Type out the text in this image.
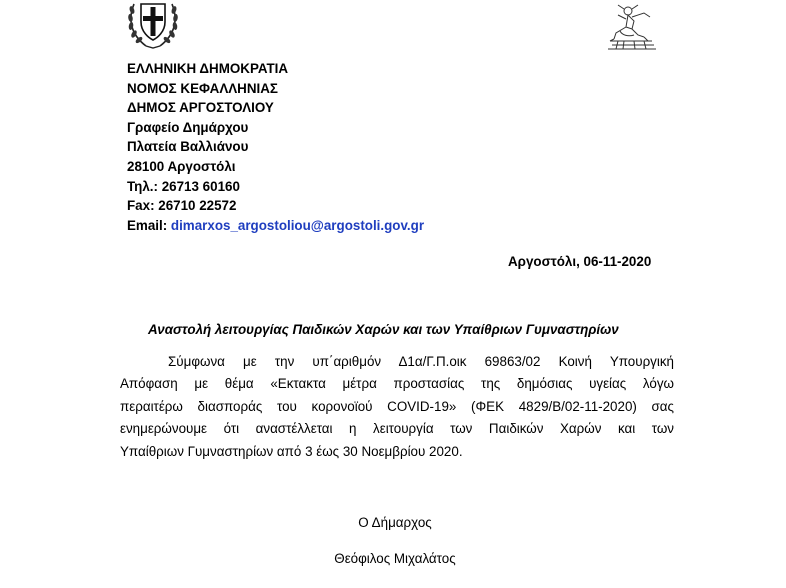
ΕΛΛΗΝΙΚΗ ΔΗΜΟΚΡΑΤΙΑ
ΝΟΜΟΣ ΚΕΦΑΛΛΗΝΙΑΣ
ΔΗΜΟΣ ΑΡΓΟΣΤΟΛΙΟΥ
Γραφείο Δημάρχου
Πλατεία Βαλλιάνου
28100 Αργοστόλι
Τηλ.: 26713 60160
Fax: 26710 22572
Email: dimarxos_argostoliou@argostoli.gov.gr
Αργοστόλι, 06-11-2020
Αναστολή λειτουργίας Παιδικών Χαρών και των Υπαίθριων Γυμναστηρίων
Σύμφωνα με την υπ΄αριθμόν Δ1α/Γ.Π.οικ 69863/02 Κοινή Υπουργική
Απόφαση με θέμα «Εκτακτα μέτρα προστασίας της δημόσιας υγείας λόγω
περαιτέρω διασποράς του κορονοϊού COVID-19» (ΦΕΚ 4829/Β/02-11-2020) σας
ενημερώνουμε ότι αναστέλλεται η λειτουργία των Παιδικών Χαρών και των
Υπαίθριων Γυμναστηρίων από 3 έως 30 Νοεμβρίου 2020.
Ο Δήμαρχος
Θεόφιλος Μιχαλάτος
